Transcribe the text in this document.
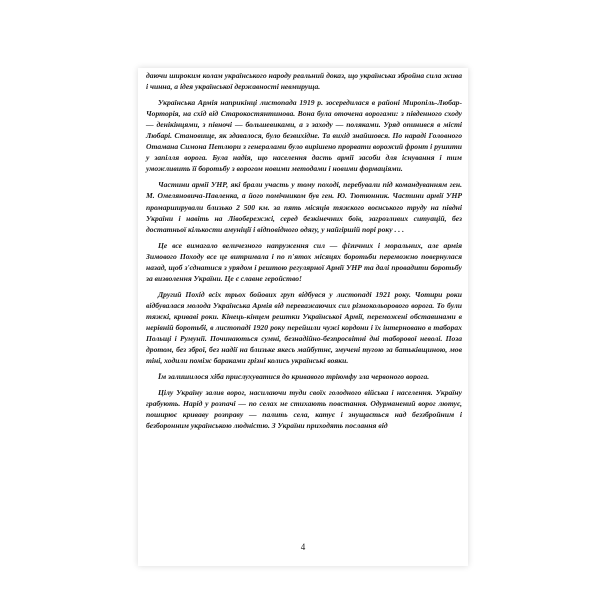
даючи широким колам українського народу реальний доказ, що українська збройна сила жива і чинна, а ідея української державності невмируща.

Українська Армія наприкінці листопада 1919 р. зосередилася в районі Миропіль-Любар-Чорторія, на схід від Старокостянтинова. Вона була оточена ворогами: з південного сходу — денікінцями, з півночі — большевиками, а з заходу — поляками. Уряд опинився в місті Любарі. Становище, як здавалося, було безвихідне. Та вихід знайшовся. По нараді Головного Отамана Симона Петлюри з генералами було вирішено прорвати ворожий фронт і рушити у запілля ворога. Була надія, що населення дасть армії засоби для існування і тим уможливить її боротьбу з ворогом новими методами і новими формаціями.

Частини армії УНР, які брали участь у тому поході, перебували під командуванням ген. М. Омеляновича-Павленка, а його помічником був ген. Ю. Тютюнник. Частини армії УНР промарширували близько 2 500 км. за пять місяців тяжкого воєнського труду на півдні України і навіть на Лівобережжі, серед безкінечних боїв, загрозливих ситуацій, без достатньої кількости амуніції і відповідного одягу, у найгіршій порі року . . .

Це все вимагало величезного напруження сил — фізичних і моральних, але армія Зимового Походу все це витримала і по п'ятох місяцях боротьби переможно повернулася назад, щоб з'єднатися з урядом і рештою регулярної Армії УНР та далі провадити боротьбу за визволення України. Це є славне геройство!

Другий Похід всіх трьох бойових груп відбувся у листопаді 1921 року. Чотири роки відбувалася молода Українська Армія від переважаючих сил різнокольорового ворога. То були тяжкі, криваві роки. Кінець-кінцем рештки Української Армії, переможені обставинами в нерівній боротьбі, в листопаді 1920 року перейшли чужі кордони і їх інтерновано в таборах Польщі і Румунії. Починаються сумні, безнадійно-безпросвітні дні таборової неволі. Поза дротом, без зброї, без надії на близьке якесь майбутнє, змучені тугою за батьківщиною, мов тіні, ходили поміж бараками грізні колись українські вояки.

Їм залишилося хіба прислухуватися до кривавого тріюмфу зла червоного ворога.

Цілу Україну залив ворог, насилаючи туди своїх голодного війська і населення. Україну грабують. Нарід у розпачі — по селах не стихають повстання. Одурманений ворог лютує, поширює криваву розправу — палить села, катує і знущається над беззбройним і безборонним українською людністю. З України приходять послання від

4
